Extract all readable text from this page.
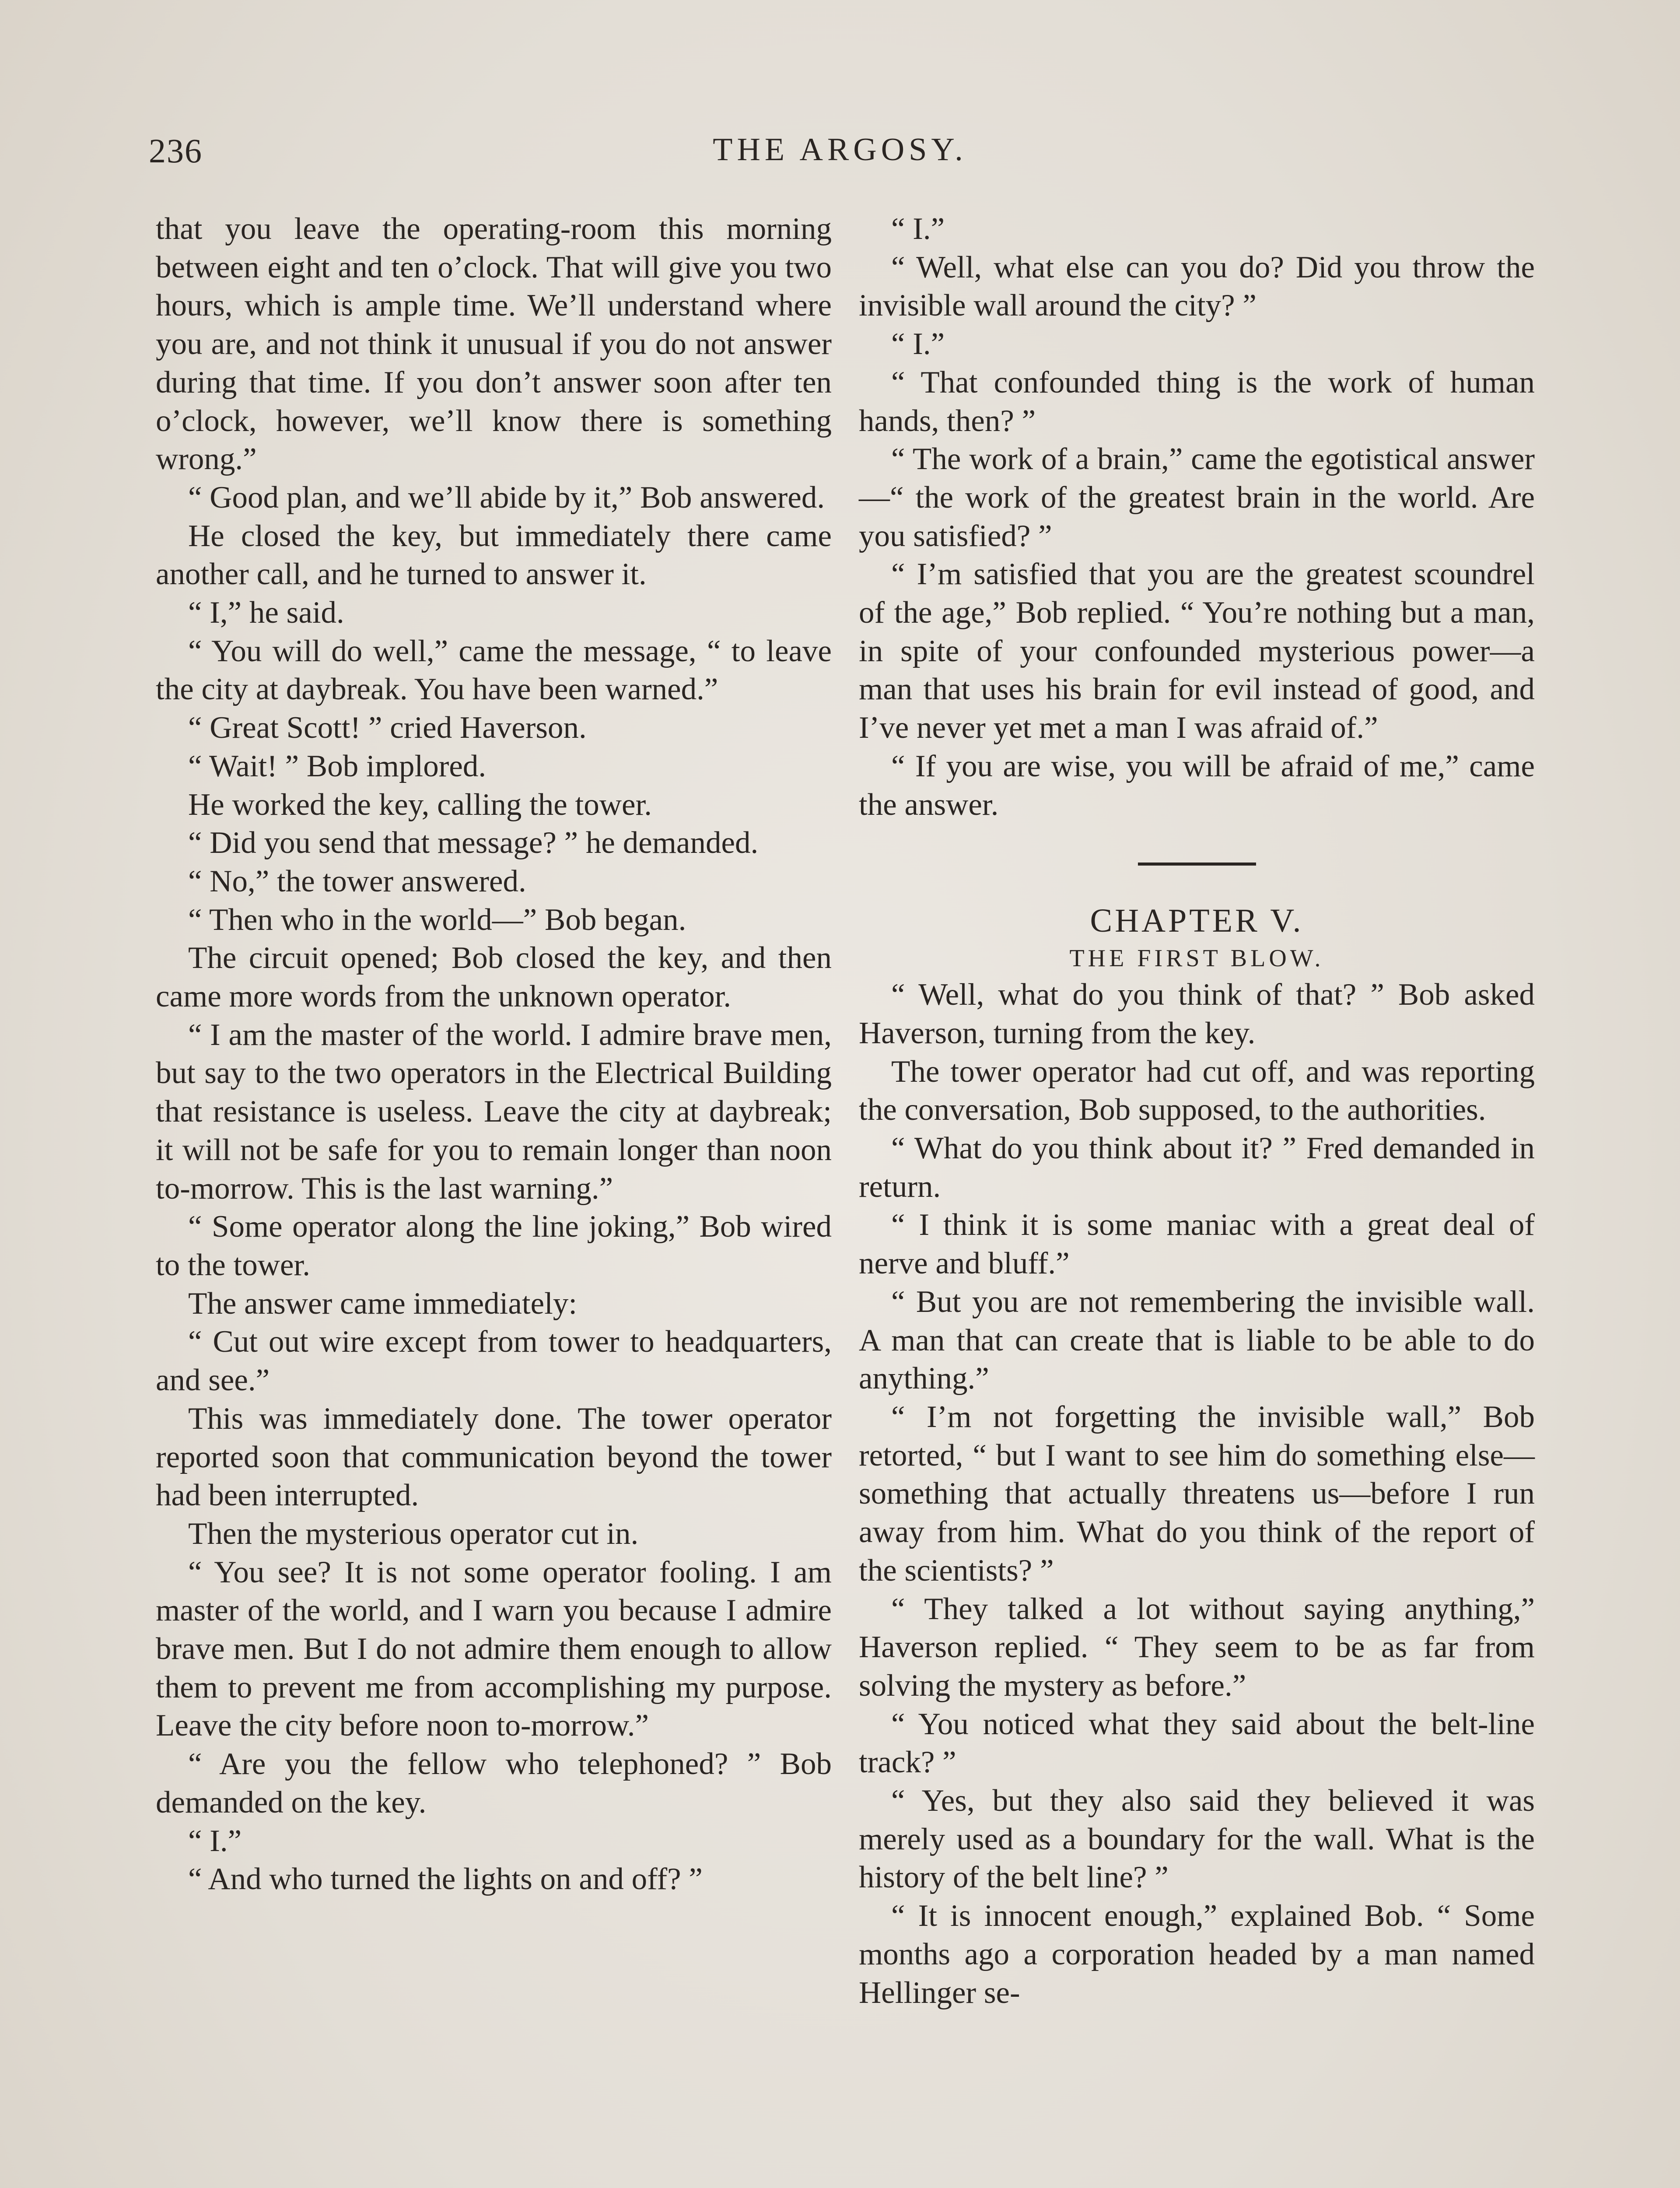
236	THE ARGOSY.

that you leave the operating-room this morning between eight and ten o’clock. That will give you two hours, which is ample time. We’ll understand where you are, and not think it unusual if you do not answer during that time. If you don’t answer soon after ten o’clock, however, we’ll know there is something wrong.”

“ Good plan, and we’ll abide by it,” Bob answered.

He closed the key, but immediately there came another call, and he turned to answer it.

“ I,” he said.

“ You will do well,” came the message, “ to leave the city at daybreak. You have been warned.”

“ Great Scott! ” cried Haverson.

“ Wait! ” Bob implored.

He worked the key, calling the tower.

“ Did you send that message? ” he demanded.

“ No,” the tower answered.

“ Then who in the world—” Bob began.

The circuit opened; Bob closed the key, and then came more words from the unknown operator.

“ I am the master of the world. I admire brave men, but say to the two operators in the Electrical Building that resistance is useless. Leave the city at daybreak; it will not be safe for you to remain longer than noon to-morrow. This is the last warning.”

“ Some operator along the line joking,” Bob wired to the tower.

The answer came immediately:

“ Cut out wire except from tower to headquarters, and see.”

This was immediately done. The tower operator reported soon that communication beyond the tower had been interrupted.

Then the mysterious operator cut in.

“ You see? It is not some operator fooling. I am master of the world, and I warn you because I admire brave men. But I do not admire them enough to allow them to prevent me from accomplishing my purpose. Leave the city before noon to-morrow.”

“ Are you the fellow who telephoned? ” Bob demanded on the key.

“ I.”

“ And who turned the lights on and off? ”

“ I.”

“ Well, what else can you do? Did you throw the invisible wall around the city? ”

“ I.”

“ That confounded thing is the work of human hands, then? ”

“ The work of a brain,” came the egotistical answer—“ the work of the greatest brain in the world. Are you satisfied? ”

“ I’m satisfied that you are the greatest scoundrel of the age,” Bob replied. “ You’re nothing but a man, in spite of your confounded mysterious power—a man that uses his brain for evil instead of good, and I’ve never yet met a man I was afraid of.”

“ If you are wise, you will be afraid of me,” came the answer.

CHAPTER V.

THE FIRST BLOW.

“ Well, what do you think of that? ” Bob asked Haverson, turning from the key.

The tower operator had cut off, and was reporting the conversation, Bob supposed, to the authorities.

“ What do you think about it? ” Fred demanded in return.

“ I think it is some maniac with a great deal of nerve and bluff.”

“ But you are not remembering the invisible wall. A man that can create that is liable to be able to do anything.”

“ I’m not forgetting the invisible wall,” Bob retorted, “ but I want to see him do something else—something that actually threatens us—before I run away from him. What do you think of the report of the scientists? ”

“ They talked a lot without saying anything,” Haverson replied. “ They seem to be as far from solving the mystery as before.”

“ You noticed what they said about the belt-line track? ”

“ Yes, but they also said they believed it was merely used as a boundary for the wall. What is the history of the belt line? ”

“ It is innocent enough,” explained Bob. “ Some months ago a corporation headed by a man named Hellinger se-
